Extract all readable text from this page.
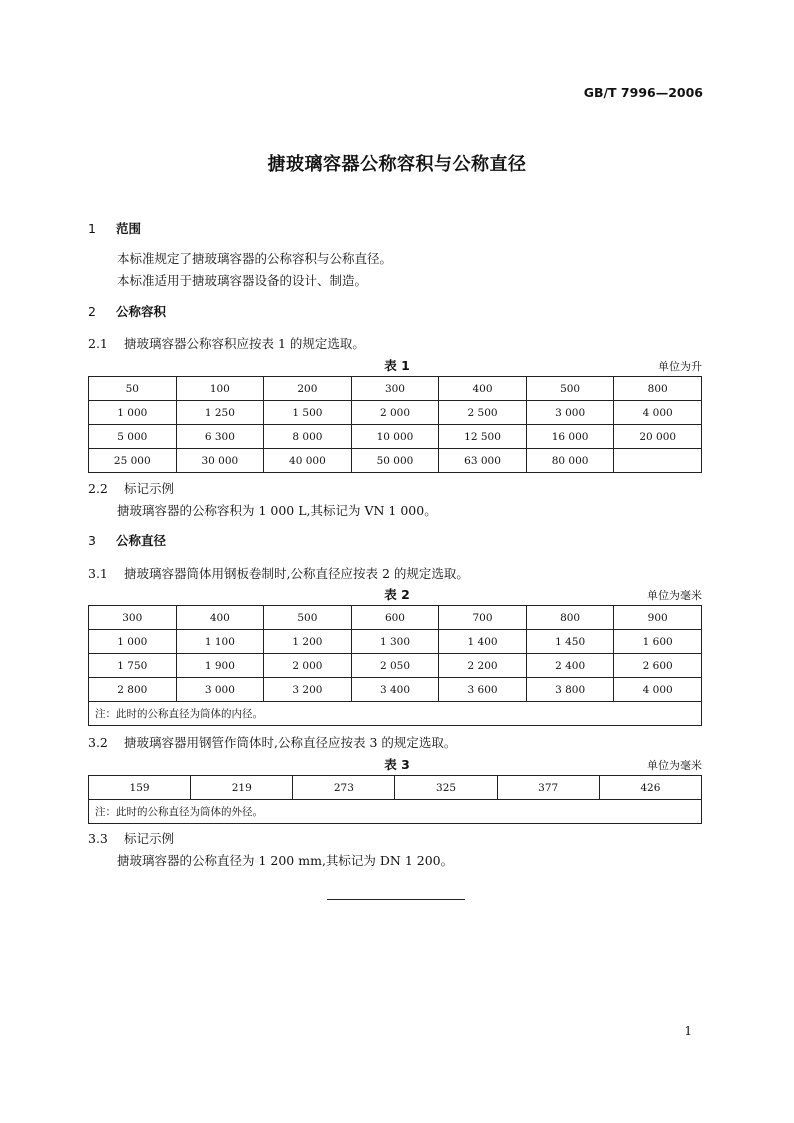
GB/T 7996—2006
搪玻璃容器公称容积与公称直径
1 范围
本标准规定了搪玻璃容器的公称容积与公称直径。
本标准适用于搪玻璃容器设备的设计、制造。
2 公称容积
2.1 搪玻璃容器公称容积应按表 1 的规定选取。
表 1	单位为升
50	100	200	300	400	500	800
1 000	1 250	1 500	2 000	2 500	3 000	4 000
5 000	6 300	8 000	10 000	12 500	16 000	20 000
25 000	30 000	40 000	50 000	63 000	80 000	
2.2 标记示例
搪玻璃容器的公称容积为 1 000 L,其标记为 VN 1 000。
3 公称直径
3.1 搪玻璃容器筒体用钢板卷制时,公称直径应按表 2 的规定选取。
表 2	单位为毫米
300	400	500	600	700	800	900
1 000	1 100	1 200	1 300	1 400	1 450	1 600
1 750	1 900	2 000	2 050	2 200	2 400	2 600
2 800	3 000	3 200	3 400	3 600	3 800	4 000
注：此时的公称直径为筒体的内径。						
3.2 搪玻璃容器用钢管作筒体时,公称直径应按表 3 的规定选取。
表 3	单位为毫米
159	219	273	325	377	426
注：此时的公称直径为筒体的外径。
3.3 标记示例
搪玻璃容器的公称直径为 1 200 mm,其标记为 DN 1 200。
1
